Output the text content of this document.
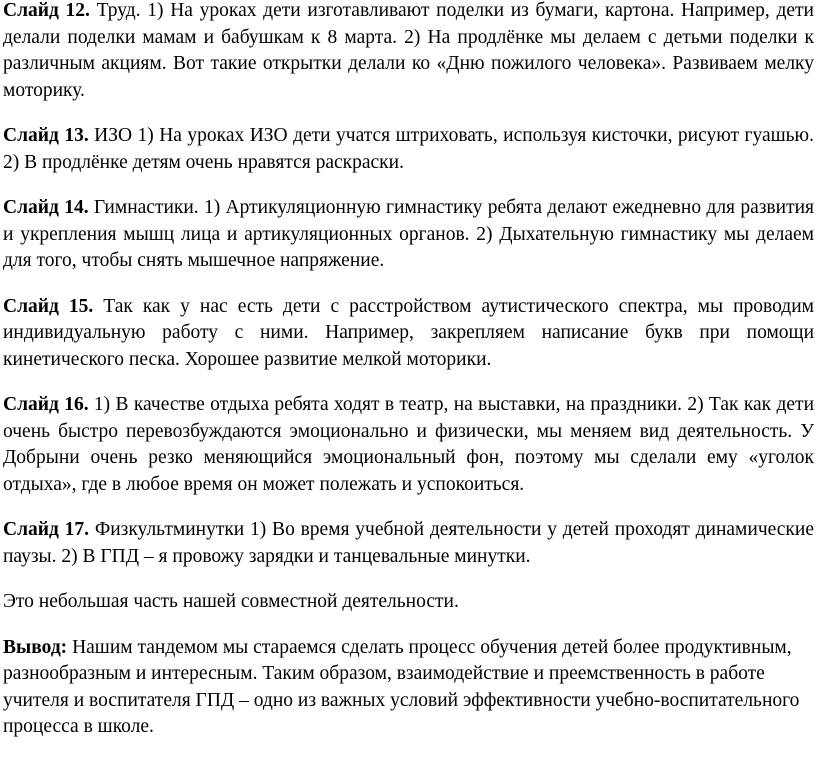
Слайд 12. Труд. 1) На уроках дети изготавливают поделки из бумаги, картона. Например, дети делали поделки мамам и бабушкам к 8 марта. 2) На продлёнке мы делаем с детьми поделки к различным акциям. Вот такие открытки делали ко «Дню пожилого человека». Развиваем мелку моторику.

Слайд 13. ИЗО 1) На уроках ИЗО дети учатся штриховать, используя кисточки, рисуют гуашью. 2) В продлёнке детям очень нравятся раскраски.

Слайд 14. Гимнастики. 1) Артикуляционную гимнастику ребята делают ежедневно для развития и укрепления мышц лица и артикуляционных органов. 2) Дыхательную гимнастику мы делаем для того, чтобы снять мышечное напряжение.

Слайд 15. Так как у нас есть дети с расстройством аутистического спектра, мы проводим индивидуальную работу с ними. Например, закрепляем написание букв при помощи кинетического песка. Хорошее развитие мелкой моторики.

Слайд 16. 1) В качестве отдыха ребята ходят в театр, на выставки, на праздники. 2) Так как дети очень быстро перевозбуждаются эмоционально и физически, мы меняем вид деятельность. У Добрыни очень резко меняющийся эмоциональный фон, поэтому мы сделали ему «уголок отдыха», где в любое время он может полежать и успокоиться.

Слайд 17. Физкультминутки 1) Во время учебной деятельности у детей проходят динамические паузы. 2) В ГПД – я провожу зарядки и танцевальные минутки.

Это небольшая часть нашей совместной деятельности.

Вывод: Нашим тандемом мы стараемся сделать процесс обучения детей более продуктивным, разнообразным и интересным. Таким образом, взаимодействие и преемственность в работе учителя и воспитателя ГПД – одно из важных условий эффективности учебно-воспитательного процесса в школе.
